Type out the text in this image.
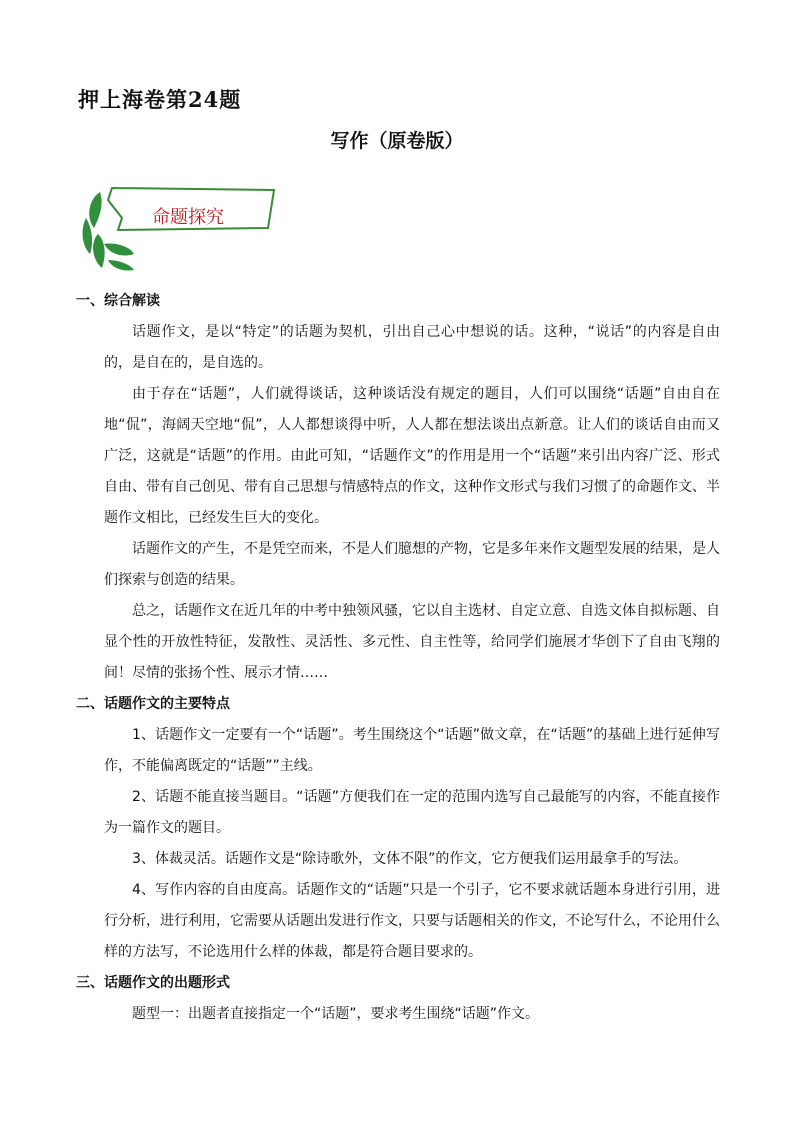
押上海卷第24题
写作（原卷版）
命题探究
一、综合解读

话题作文，是以“特定”的话题为契机，引出自己心中想说的话。这种，“说话”的内容是自由的，是自在的，是自选的。

由于存在“话题”，人们就得谈话，这种谈话没有规定的题目，人们可以围绕“话题”自由自在地“侃”，海阔天空地“侃”，人人都想谈得中听，人人都在想法谈出点新意。让人们的谈话自由而又广泛，这就是“话题”的作用。由此可知，“话题作文”的作用是用一个“话题”来引出内容广泛、形式自由、带有自己创见、带有自己思想与情感特点的作文，这种作文形式与我们习惯了的命题作文、半题作文相比，已经发生巨大的变化。

话题作文的产生，不是凭空而来，不是人们臆想的产物，它是多年来作文题型发展的结果，是人们探索与创造的结果。

总之，话题作文在近几年的中考中独领风骚，它以自主选材、自定立意、自选文体自拟标题、自显个性的开放性特征，发散性、灵活性、多元性、自主性等，给同学们施展才华创下了自由飞翔的间！尽情的张扬个性、展示才情……

二、话题作文的主要特点

1、话题作文一定要有一个“话题”。考生围绕这个“话题”做文章，在“话题”的基础上进行延伸写作，不能偏离既定的“话题””主线。

2、话题不能直接当题目。“话题”方便我们在一定的范围内选写自己最能写的内容，不能直接作为一篇作文的题目。

3、体裁灵活。话题作文是“除诗歌外，文体不限”的作文，它方便我们运用最拿手的写法。

4、写作内容的自由度高。话题作文的“话题”只是一个引子，它不要求就话题本身进行引用，进行分析，进行利用，它需要从话题出发进行作文，只要与话题相关的作文，不论写什么，不论用什么样的方法写，不论选用什么样的体裁，都是符合题目要求的。

三、话题作文的出题形式

题型一：出题者直接指定一个“话题”，要求考生围绕“话题”作文。
